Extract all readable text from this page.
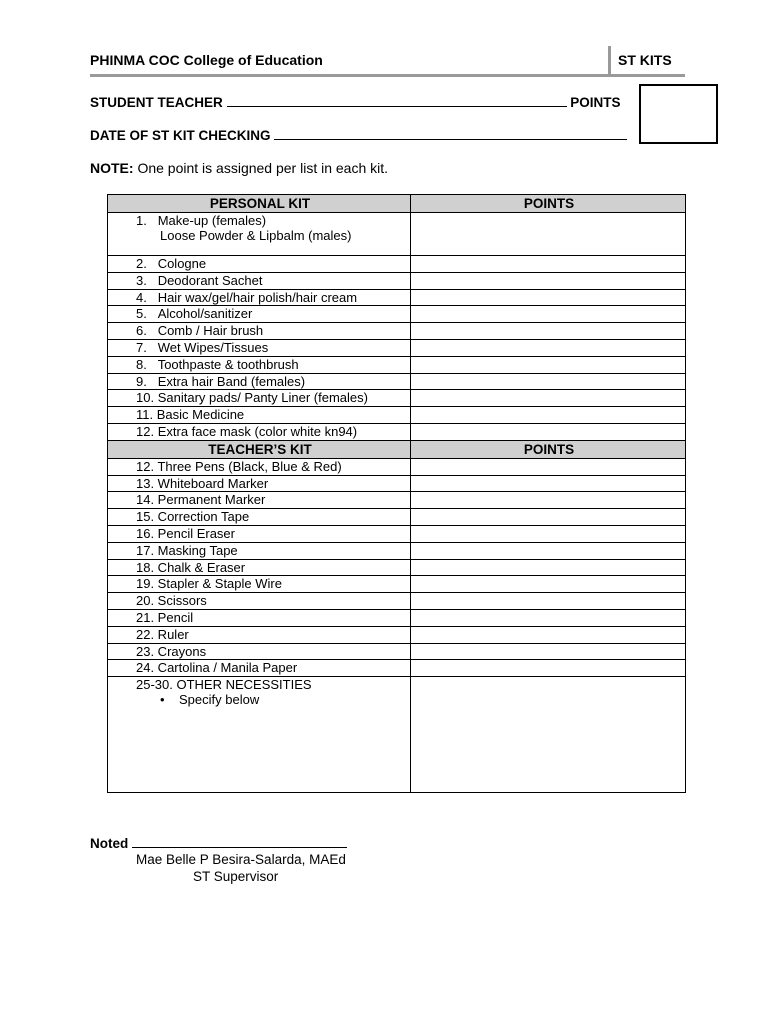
PHINMA COC College of Education	ST KITS
STUDENT TEACHER	POINTS
DATE OF ST KIT CHECKING
NOTE: One point is assigned per list in each kit.
PERSONAL KIT	POINTS

1. Make-up (females)
Loose Powder & Lipbalm (males)	

2. Cologne	

3. Deodorant Sachet	

4. Hair wax/gel/hair polish/hair cream	

5. Alcohol/sanitizer	

6. Comb / Hair brush	

7. Wet Wipes/Tissues	

8. Toothpaste & toothbrush	

9. Extra hair Band (females)	

10. Sanitary pads/ Panty Liner (females)	

11. Basic Medicine	

12. Extra face mask (color white kn94)	

TEACHER’S KIT	POINTS

12. Three Pens (Black, Blue & Red)	

13. Whiteboard Marker	

14. Permanent Marker	

15. Correction Tape	

16. Pencil Eraser	

17. Masking Tape	

18. Chalk & Eraser	

19. Stapler & Staple Wire	

20. Scissors	

21. Pencil	

22. Ruler	

23. Crayons	

24. Cartolina / Manila Paper	

25-30. OTHER NECESSITIES
• Specify below	

Noted
Mae Belle P Besira-Salarda, MAEd
ST Supervisor
